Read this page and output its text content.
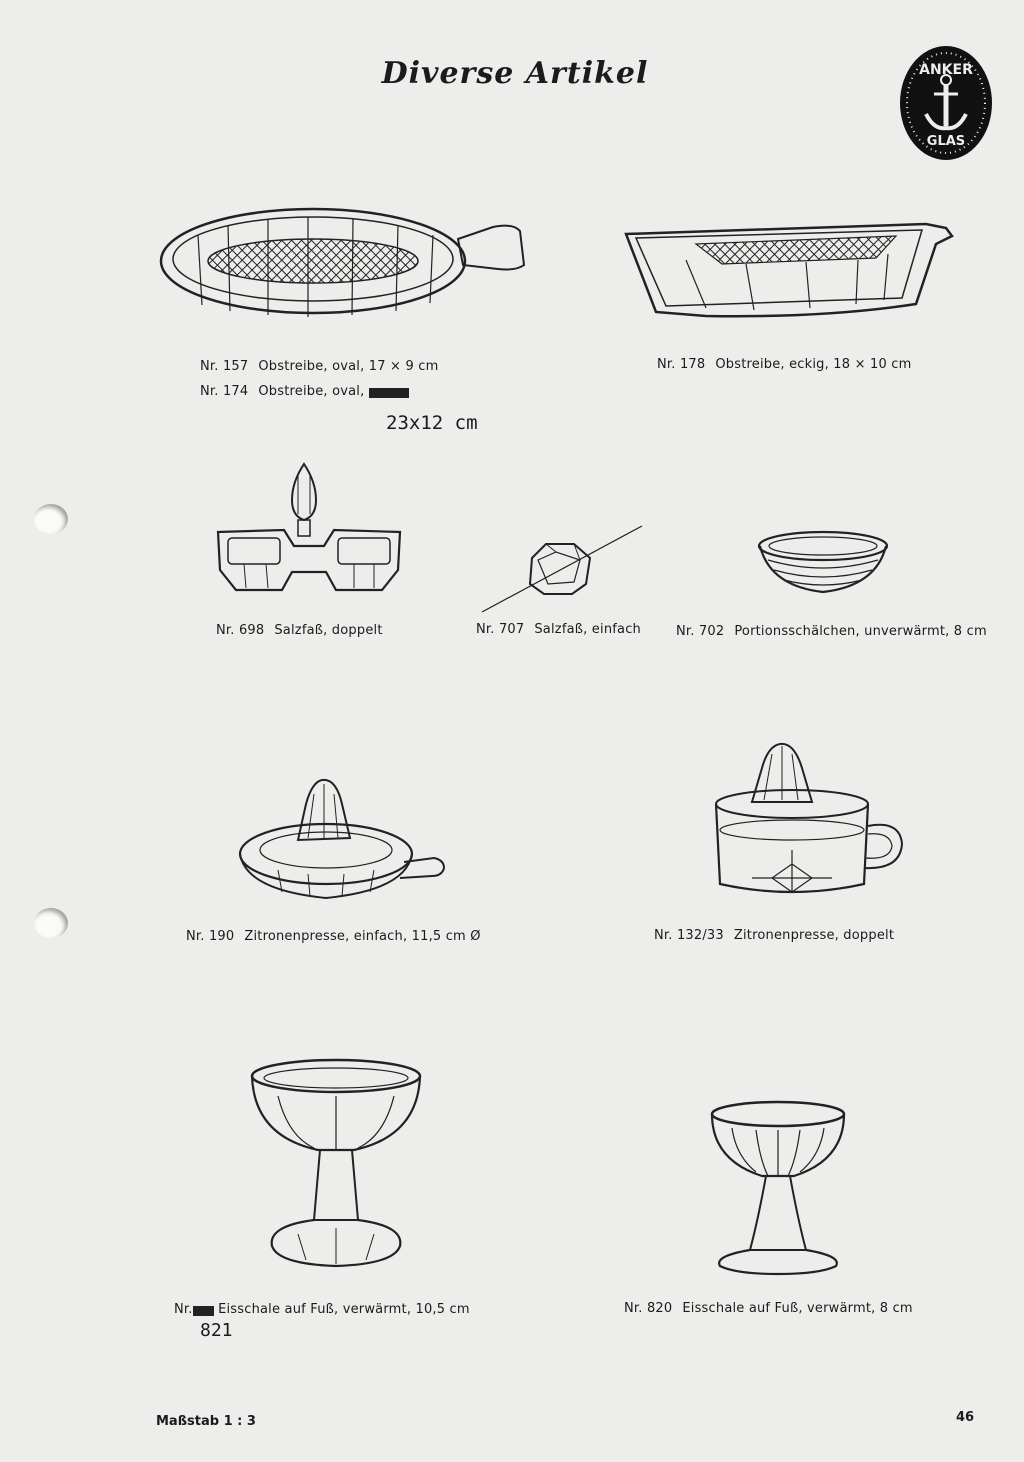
Diverse Artikel	ANKER
GLAS
Nr. 157 Obstreibe, oval, 17 × 9 cm
Nr. 174 Obstreibe, oval, XXXXXX
23x12 cm
Nr. 178 Obstreibe, eckig, 18 × 10 cm
Nr. 698 Salzfaß, doppelt	Nr. 707 Salzfaß, einfach	Nr. 702 Portionsschälchen, unverwärmt, 8 cm
Nr. 190 Zitronenpresse, einfach, 11,5 cm Ø	Nr. 132/33 Zitronenpresse, doppelt
Nr.XXX Eisschale auf Fuß, verwärmt, 10,5 cm
821
Nr. 820 Eisschale auf Fuß, verwärmt, 8 cm
Maßstab 1 : 3	46
